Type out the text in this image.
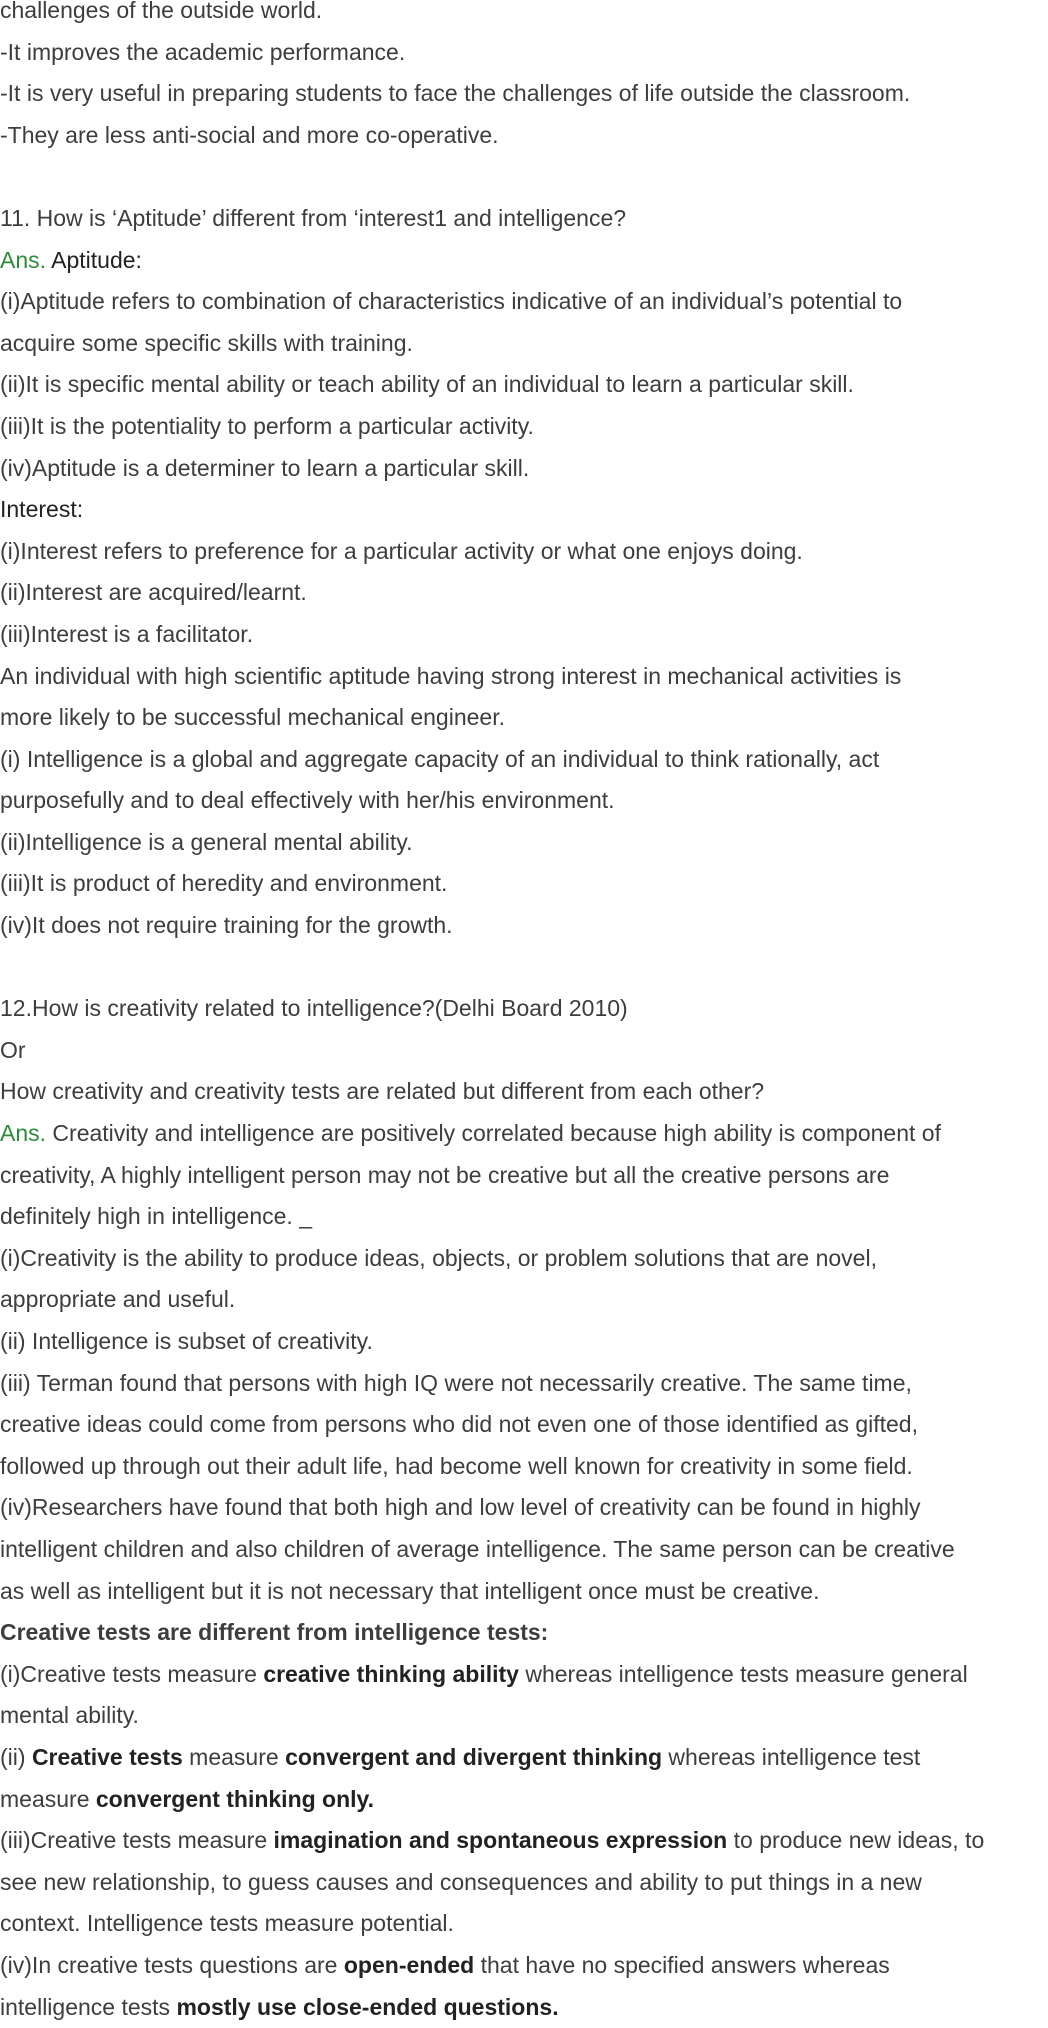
challenges of the outside world.

-It improves the academic performance.

-It is very useful in preparing students to face the challenges of life outside the classroom.

-They are less anti-social and more co-operative.

11. How is ‘Aptitude’ different from ‘interest1 and intelligence?

Ans. Aptitude:

(i)Aptitude refers to combination of characteristics indicative of an individual’s potential to

acquire some specific skills with training.

(ii)It is specific mental ability or teach ability of an individual to learn a particular skill.

(iii)It is the potentiality to perform a particular activity.

(iv)Aptitude is a determiner to learn a particular skill.

Interest:

(i)Interest refers to preference for a particular activity or what one enjoys doing.

(ii)Interest are acquired/learnt.

(iii)Interest is a facilitator.

An individual with high scientific aptitude having strong interest in mechanical activities is

more likely to be successful mechanical engineer.

(i) Intelligence is a global and aggregate capacity of an individual to think rationally, act

purposefully and to deal effectively with her/his environment.

(ii)Intelligence is a general mental ability.

(iii)It is product of heredity and environment.

(iv)It does not require training for the growth.

12.How is creativity related to intelligence?(Delhi Board 2010)

Or

How creativity and creativity tests are related but different from each other?

Ans. Creativity and intelligence are positively correlated because high ability is component of

creativity, A highly intelligent person may not be creative but all the creative persons are

definitely high in intelligence. _

(i)Creativity is the ability to produce ideas, objects, or problem solutions that are novel,

appropriate and useful.

(ii) Intelligence is subset of creativity.

(iii) Terman found that persons with high IQ were not necessarily creative. The same time,

creative ideas could come from persons who did not even one of those identified as gifted,

followed up through out their adult life, had become well known for creativity in some field.

(iv)Researchers have found that both high and low level of creativity can be found in highly

intelligent children and also children of average intelligence. The same person can be creative

as well as intelligent but it is not necessary that intelligent once must be creative.

Creative tests are different from intelligence tests:

(i)Creative tests measure creative thinking ability whereas intelligence tests measure general

mental ability.

(ii) Creative tests measure convergent and divergent thinking whereas intelligence test

measure convergent thinking only.

(iii)Creative tests measure imagination and spontaneous expression to produce new ideas, to

see new relationship, to guess causes and consequences and ability to put things in a new

context. Intelligence tests measure potential.

(iv)In creative tests questions are open-ended that have no specified answers whereas

intelligence tests mostly use close-ended questions.
